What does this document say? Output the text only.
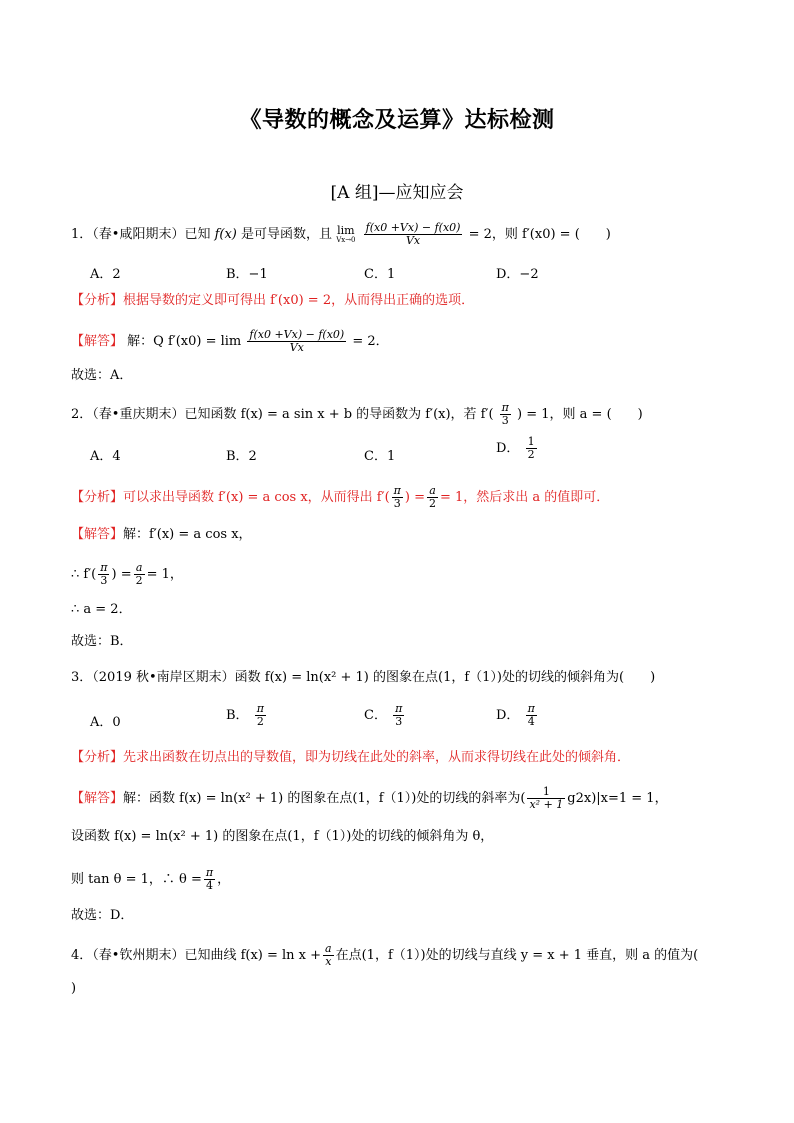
《导数的概念及运算》达标检测
[A 组]—应知应会
1．（春•咸阳期末）已知 f(x) 是可导函数，且 lim
Vx→0
$\frac{f(x0 +Vx) - f(x0)}{Vx} = 2$，则 f′(x0) = (　　)
A．2	B．−1	C．1	D．−2
【分析】根据导数的定义即可得出 f′(x0) = 2，从而得出正确的选项．
【解答】 解：Q $f'(x0) = \lim \frac{f(x0 +Vx) - f(x0)}{Vx} = 2$．
故选：A．
2．（春•重庆期末）已知函数 f(x) = a sin x + b 的导函数为 f′(x)，若 $f'( \frac{\pi}{3}$ ) = 1，则 a = (　　)
A．4	B．2	C．1
D． $\frac{1}{2}$
【分析】可以求出导函数 f′(x) = a cos x，从而得出 $f'( \frac{\pi}{3}$ ) = $\frac{a}{2} = 1$，然后求出 a 的值即可．
【解答】解：f′(x) = a cos x，
∴ $f'( \frac{\pi}{3}$ ) = $\frac{a}{2} = 1$，
∴ a = 2．
故选：B．
3．（2019 秋•南岸区期末）函数 f(x) = ln(x² + 1) 的图象在点(1，f（1）)处的切线的倾斜角为(　　)
A．0	B． $\frac{\pi}{2}$	C． $\frac{\pi}{3}$	D． $\frac{\pi}{4}$
【分析】先求出函数在切点出的导数值，即为切线在此处的斜率，从而求得切线在此处的倾斜角．
【解答】解：函数 f(x) = ln(x² + 1) 的图象在点(1，f（1）)处的切线的斜率为( $\frac{1}{\text{x² + 1}} g2x)|x=1 = 1$，
设函数 f(x) = ln(x² + 1) 的图象在点(1，f（1）)处的切线的倾斜角为 θ，
则 tan θ = 1，∴ $\theta = \frac{\pi}{4}$ ，
故选：D．
4．（春•钦州期末）已知曲线 $f(x) = \ln x + \frac{a}{x}$ 在点(1，f（1）)处的切线与直线 y = x + 1 垂直，则 a 的值为(
)
